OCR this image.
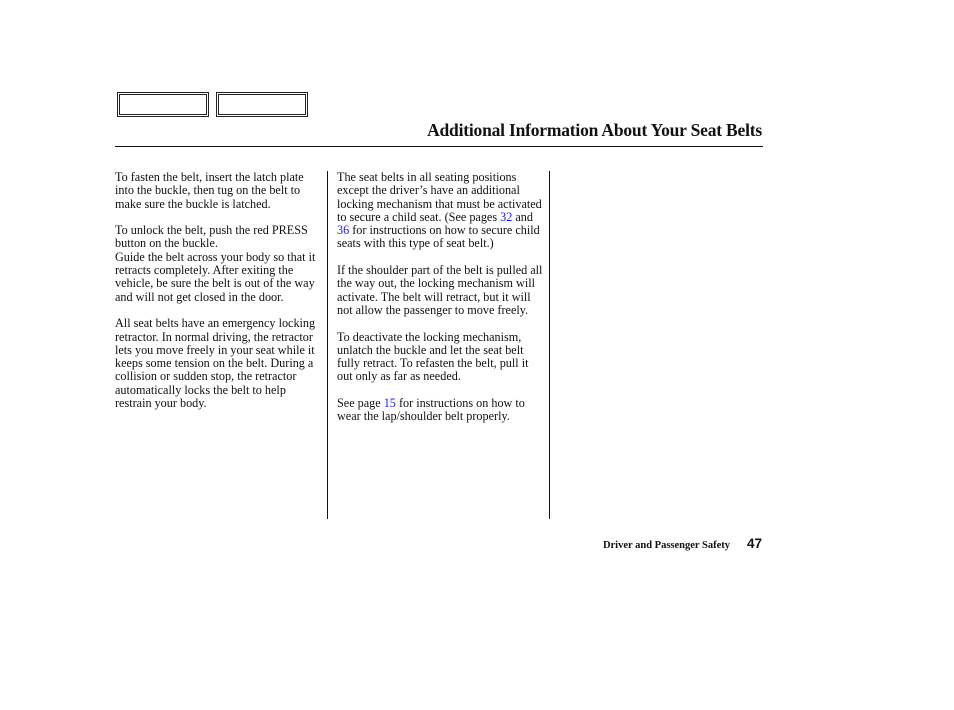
Additional Information About Your Seat Belts

To fasten the belt, insert the latch plate into the buckle, then tug on the belt to make sure the buckle is latched.

To unlock the belt, push the red PRESS button on the buckle.
Guide the belt across your body so that it retracts completely. After exiting the vehicle, be sure the belt is out of the way and will not get closed in the door.

All seat belts have an emergency locking retractor. In normal driving, the retractor lets you move freely in your seat while it keeps some tension on the belt. During a collision or sudden stop, the retractor automatically locks the belt to help restrain your body.

The seat belts in all seating positions except the driver’s have an additional locking mechanism that must be activated to secure a child seat. (See pages 32 and 36 for instructions on how to secure child seats with this type of seat belt.)

If the shoulder part of the belt is pulled all the way out, the locking mechanism will activate. The belt will retract, but it will not allow the passenger to move freely.

To deactivate the locking mechanism, unlatch the buckle and let the seat belt fully retract. To refasten the belt, pull it out only as far as needed.

See page 15 for instructions on how to wear the lap/shoulder belt properly.

Driver and Passenger Safety 47
